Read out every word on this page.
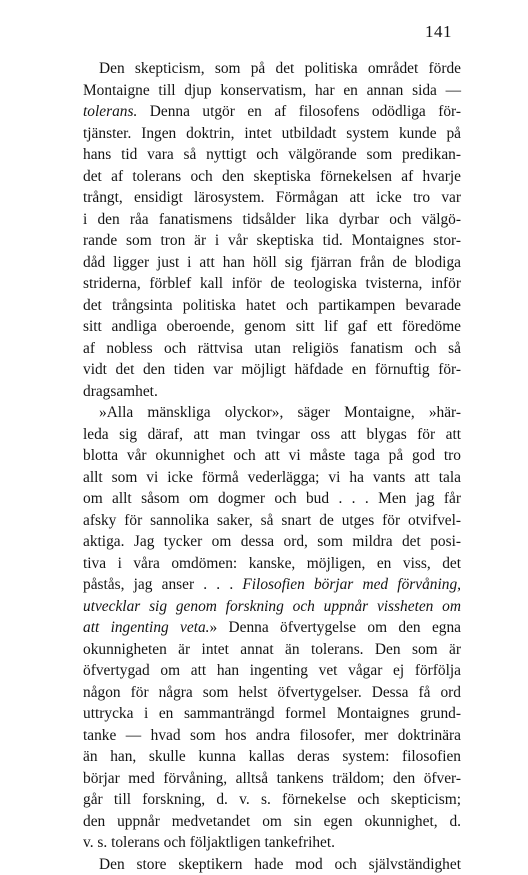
141
Den skepticism, som på det politiska området förde
Montaigne till djup konservatism, har en annan sida —
tolerans. Denna utgör en af filosofens odödliga för-
tjänster. Ingen doktrin, intet utbildadt system kunde på
hans tid vara så nyttigt och välgörande som predikan-
det af tolerans och den skeptiska förnekelsen af hvarje
trångt, ensidigt lärosystem. Förmågan att icke tro var
i den råa fanatismens tidsålder lika dyrbar och välgö-
rande som tron är i vår skeptiska tid. Montaignes stor-
dåd ligger just i att han höll sig fjärran från de blodiga
striderna, förblef kall inför de teologiska tvisterna, inför
det trångsinta politiska hatet och partikampen bevarade
sitt andliga oberoende, genom sitt lif gaf ett föredöme
af nobless och rättvisa utan religiös fanatism och så
vidt det den tiden var möjligt häfdade en förnuftig för-
dragsamhet.
»Alla mänskliga olyckor», säger Montaigne, »här-
leda sig däraf, att man tvingar oss att blygas för att
blotta vår okunnighet och att vi måste taga på god tro
allt som vi icke förmå vederlägga; vi ha vants att tala
om allt såsom om dogmer och bud . . . Men jag får
afsky för sannolika saker, så snart de utges för otvifvel-
aktiga. Jag tycker om dessa ord, som mildra det posi-
tiva i våra omdömen: kanske, möjligen, en viss, det
påstås, jag anser . . . Filosofien börjar med förvåning,
utvecklar sig genom forskning och uppnår vissheten om
att ingenting veta.» Denna öfvertygelse om den egna
okunnigheten är intet annat än tolerans. Den som är
öfvertygad om att han ingenting vet vågar ej förfölja
någon för några som helst öfvertygelser. Dessa få ord
uttrycka i en sammanträngd formel Montaignes grund-
tanke — hvad som hos andra filosofer, mer doktrinära
än han, skulle kunna kallas deras system: filosofien
börjar med förvåning, alltså tankens träldom; den öfver-
går till forskning, d. v. s. förnekelse och skepticism;
den uppnår medvetandet om sin egen okunnighet, d.
v. s. tolerans och följaktligen tankefrihet.
Den store skeptikern hade mod och självständighet
